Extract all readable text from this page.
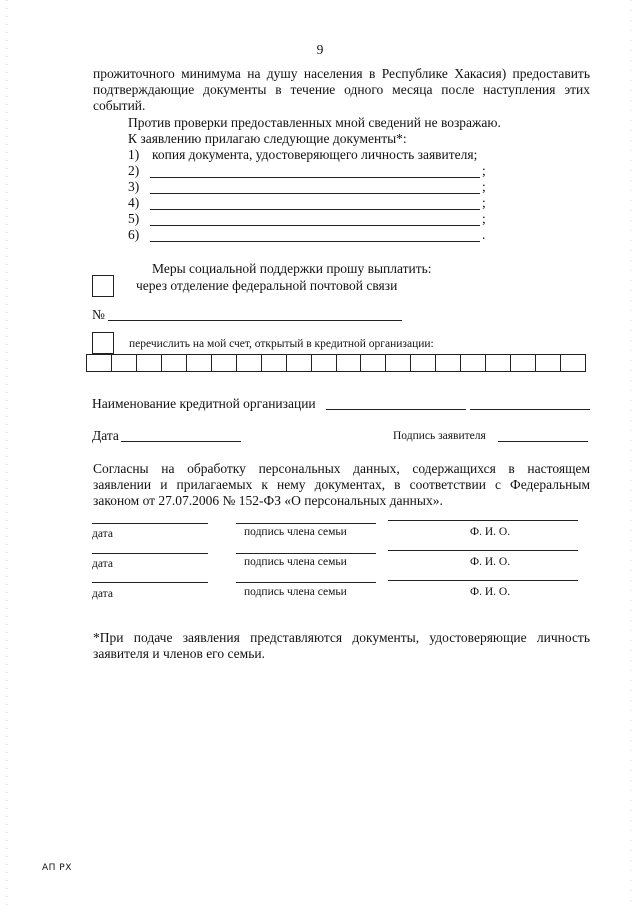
9

прожиточного минимума на душу населения в Республике Хакасия) предоставить

подтверждающие документы в течение одного месяца после наступления этих

событий.

Против проверки предоставленных мной сведений не возражаю.
К заявлению прилагаю следующие документы*:
1) копия документа, удостоверяющего личность заявителя;
2)	;
3)	;
4)	;
5)	;
6)	.
Меры социальной поддержки прошу выплатить:
через отделение федеральной почтовой связи
№
перечислить на мой счет, открытый в кредитной организации:
Наименование кредитной организации
Дата	Подпись заявителя

Согласны на обработку персональных данных, содержащихся в настоящем

заявлении и прилагаемых к нему документах, в соответствии с Федеральным

законом от 27.07.2006 № 152-ФЗ «О персональных данных».

дата	подпись члена семьи	Ф. И. О.
дата	подпись члена семьи	Ф. И. О.
дата	подпись члена семьи	Ф. И. О.

*При подаче заявления представляются документы, удостоверяющие личность

заявителя и членов его семьи.

АП РХ
